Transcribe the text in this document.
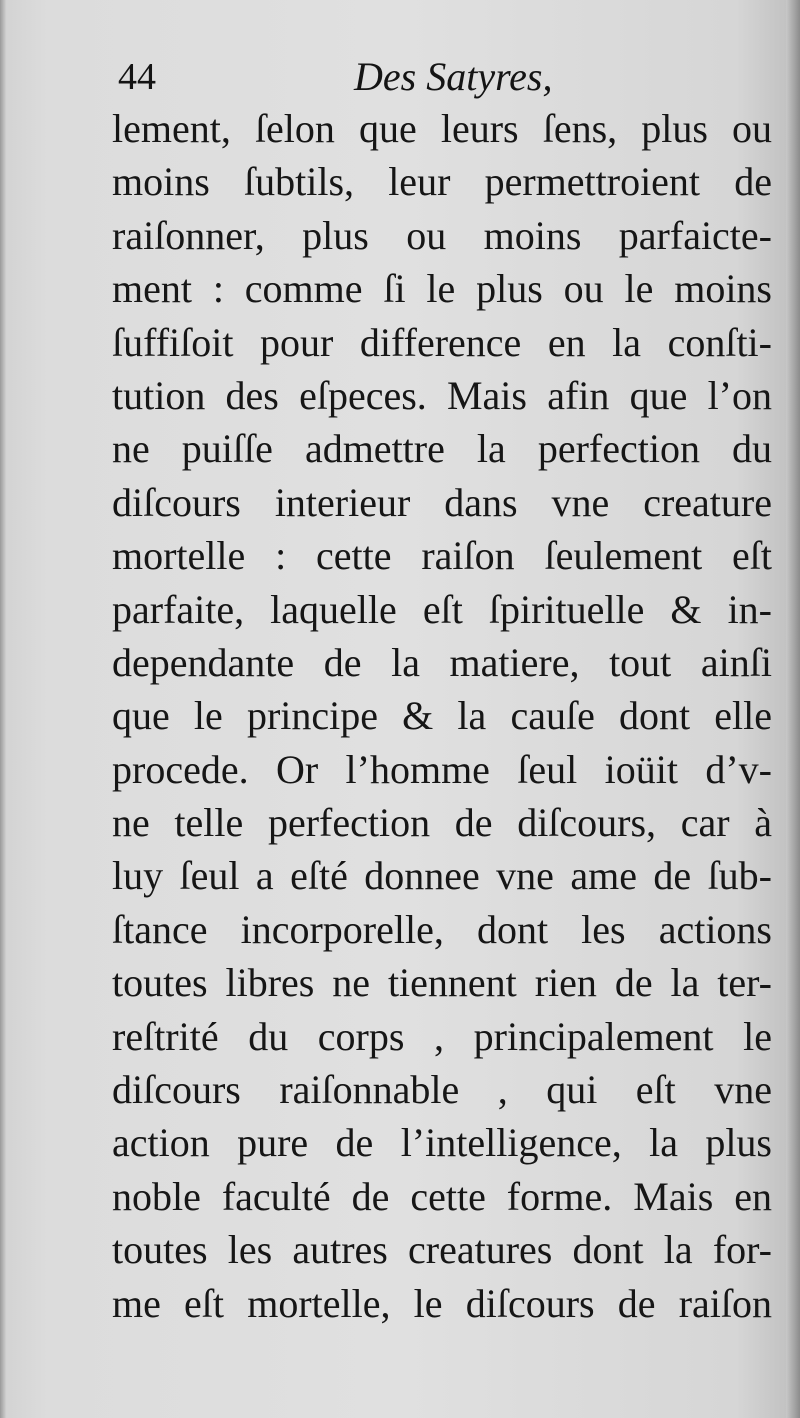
44	Des Satyres,
lement, ſelon que leurs ſens, plus ou
moins ſubtils, leur permettroient de
raiſonner, plus ou moins parfaicte-
ment : comme ſi le plus ou le moins
ſuffiſoit pour difference en la conſti-
tution des eſpeces. Mais afin que l’on
ne puiſſe admettre la perfection du
diſcours interieur dans vne creature
mortelle : cette raiſon ſeulement eſt
parfaite, laquelle eſt ſpirituelle & in-
dependante de la matiere, tout ainſi
que le principe & la cauſe dont elle
procede. Or l’homme ſeul ioüit d’v-
ne telle perfection de diſcours, car à
luy ſeul a eſté donnee vne ame de ſub-
ſtance incorporelle, dont les actions
toutes libres ne tiennent rien de la ter-
reſtrité du corps , principalement le
diſcours raiſonnable , qui eſt vne
action pure de l’intelligence, la plus
noble faculté de cette forme. Mais en
toutes les autres creatures dont la for-
me eſt mortelle, le diſcours de raiſon
